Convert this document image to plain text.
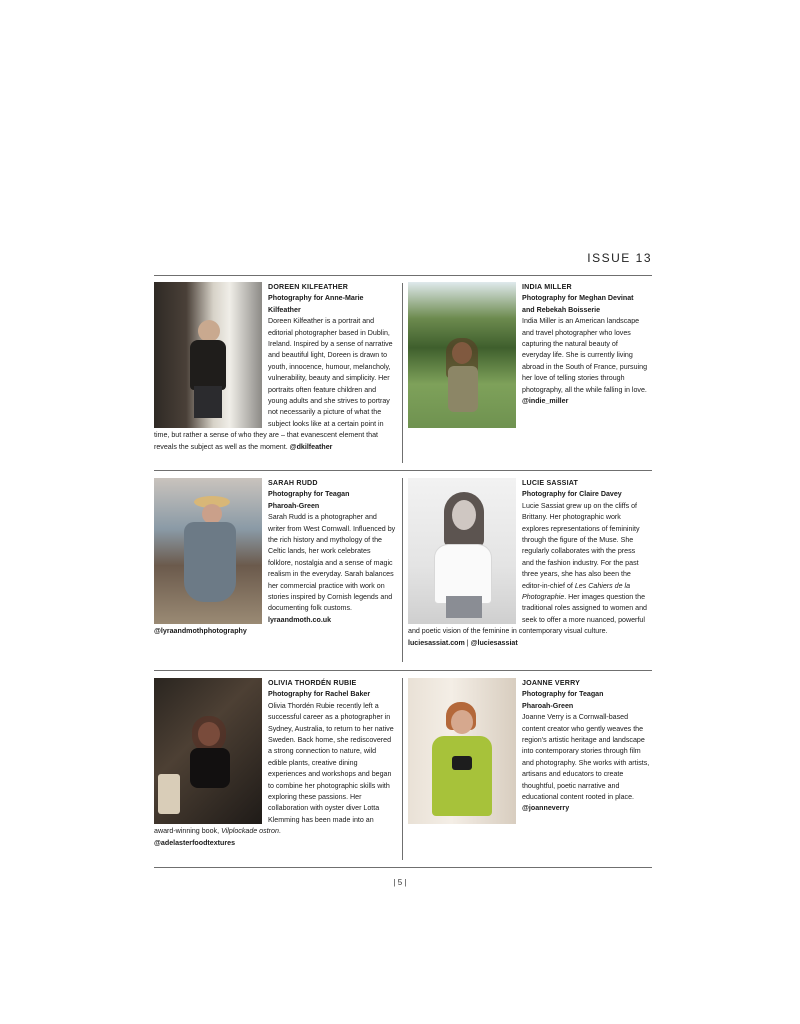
ISSUE 13
DOREEN KILFEATHER
Photography for Anne-Marie
Kilfeather
Doreen Kilfeather is a portrait and editorial photographer based in Dublin, Ireland. Inspired by a sense of narrative and beautiful light, Doreen is drawn to youth, innocence, humour, melancholy, vulnerability, beauty and simplicity. Her portraits often feature children and young adults and she strives to portray not necessarily a picture of what the subject looks like at a certain point in time, but rather a sense of who they are – that evanescent element that reveals the subject as well as the moment. @dkilfeather
INDIA MILLER
Photography for Meghan Devinat
and Rebekah Boisserie
India Miller is an American landscape and travel photographer who loves capturing the natural beauty of everyday life. She is currently living abroad in the South of France, pursuing her love of telling stories through photography, all the while falling in love. @indie_miller
SARAH RUDD
Photography for Teagan
Pharoah-Green
Sarah Rudd is a photographer and writer from West Cornwall. Influenced by the rich history and mythology of the Celtic lands, her work celebrates folklore, nostalgia and a sense of magic realism in the everyday. Sarah balances her commercial practice with work on stories inspired by Cornish legends and documenting folk customs.
lyraandmoth.co.uk
@lyraandmothphotography
LUCIE SASSIAT
Photography for Claire Davey
Lucie Sassiat grew up on the cliffs of Brittany. Her photographic work explores representations of femininity through the figure of the Muse. She regularly collaborates with the press and the fashion industry. For the past three years, she has also been the editor-in-chief of Les Cahiers de la Photographie. Her images question the traditional roles assigned to women and seek to offer a more nuanced, powerful and poetic vision of the feminine in contemporary visual culture. luciesassiat.com | @luciesassiat
OLIVIA THORDÉN RUBIE
Photography for Rachel Baker
Olivia Thordén Rubie recently left a successful career as a photographer in Sydney, Australia, to return to her native Sweden. Back home, she rediscovered a strong connection to nature, wild edible plants, creative dining experiences and workshops and began to combine her photographic skills with exploring these passions. Her collaboration with oyster diver Lotta Klemming has been made into an award-winning book, Vilplockade ostron.
@adelasterfoodtextures
JOANNE VERRY
Photography for Teagan
Pharoah-Green
Joanne Verry is a Cornwall-based content creator who gently weaves the region's artistic heritage and landscape into contemporary stories through film and photography. She works with artists, artisans and educators to create thoughtful, poetic narrative and educational content rooted in place.
@joanneverry
| 5 |
